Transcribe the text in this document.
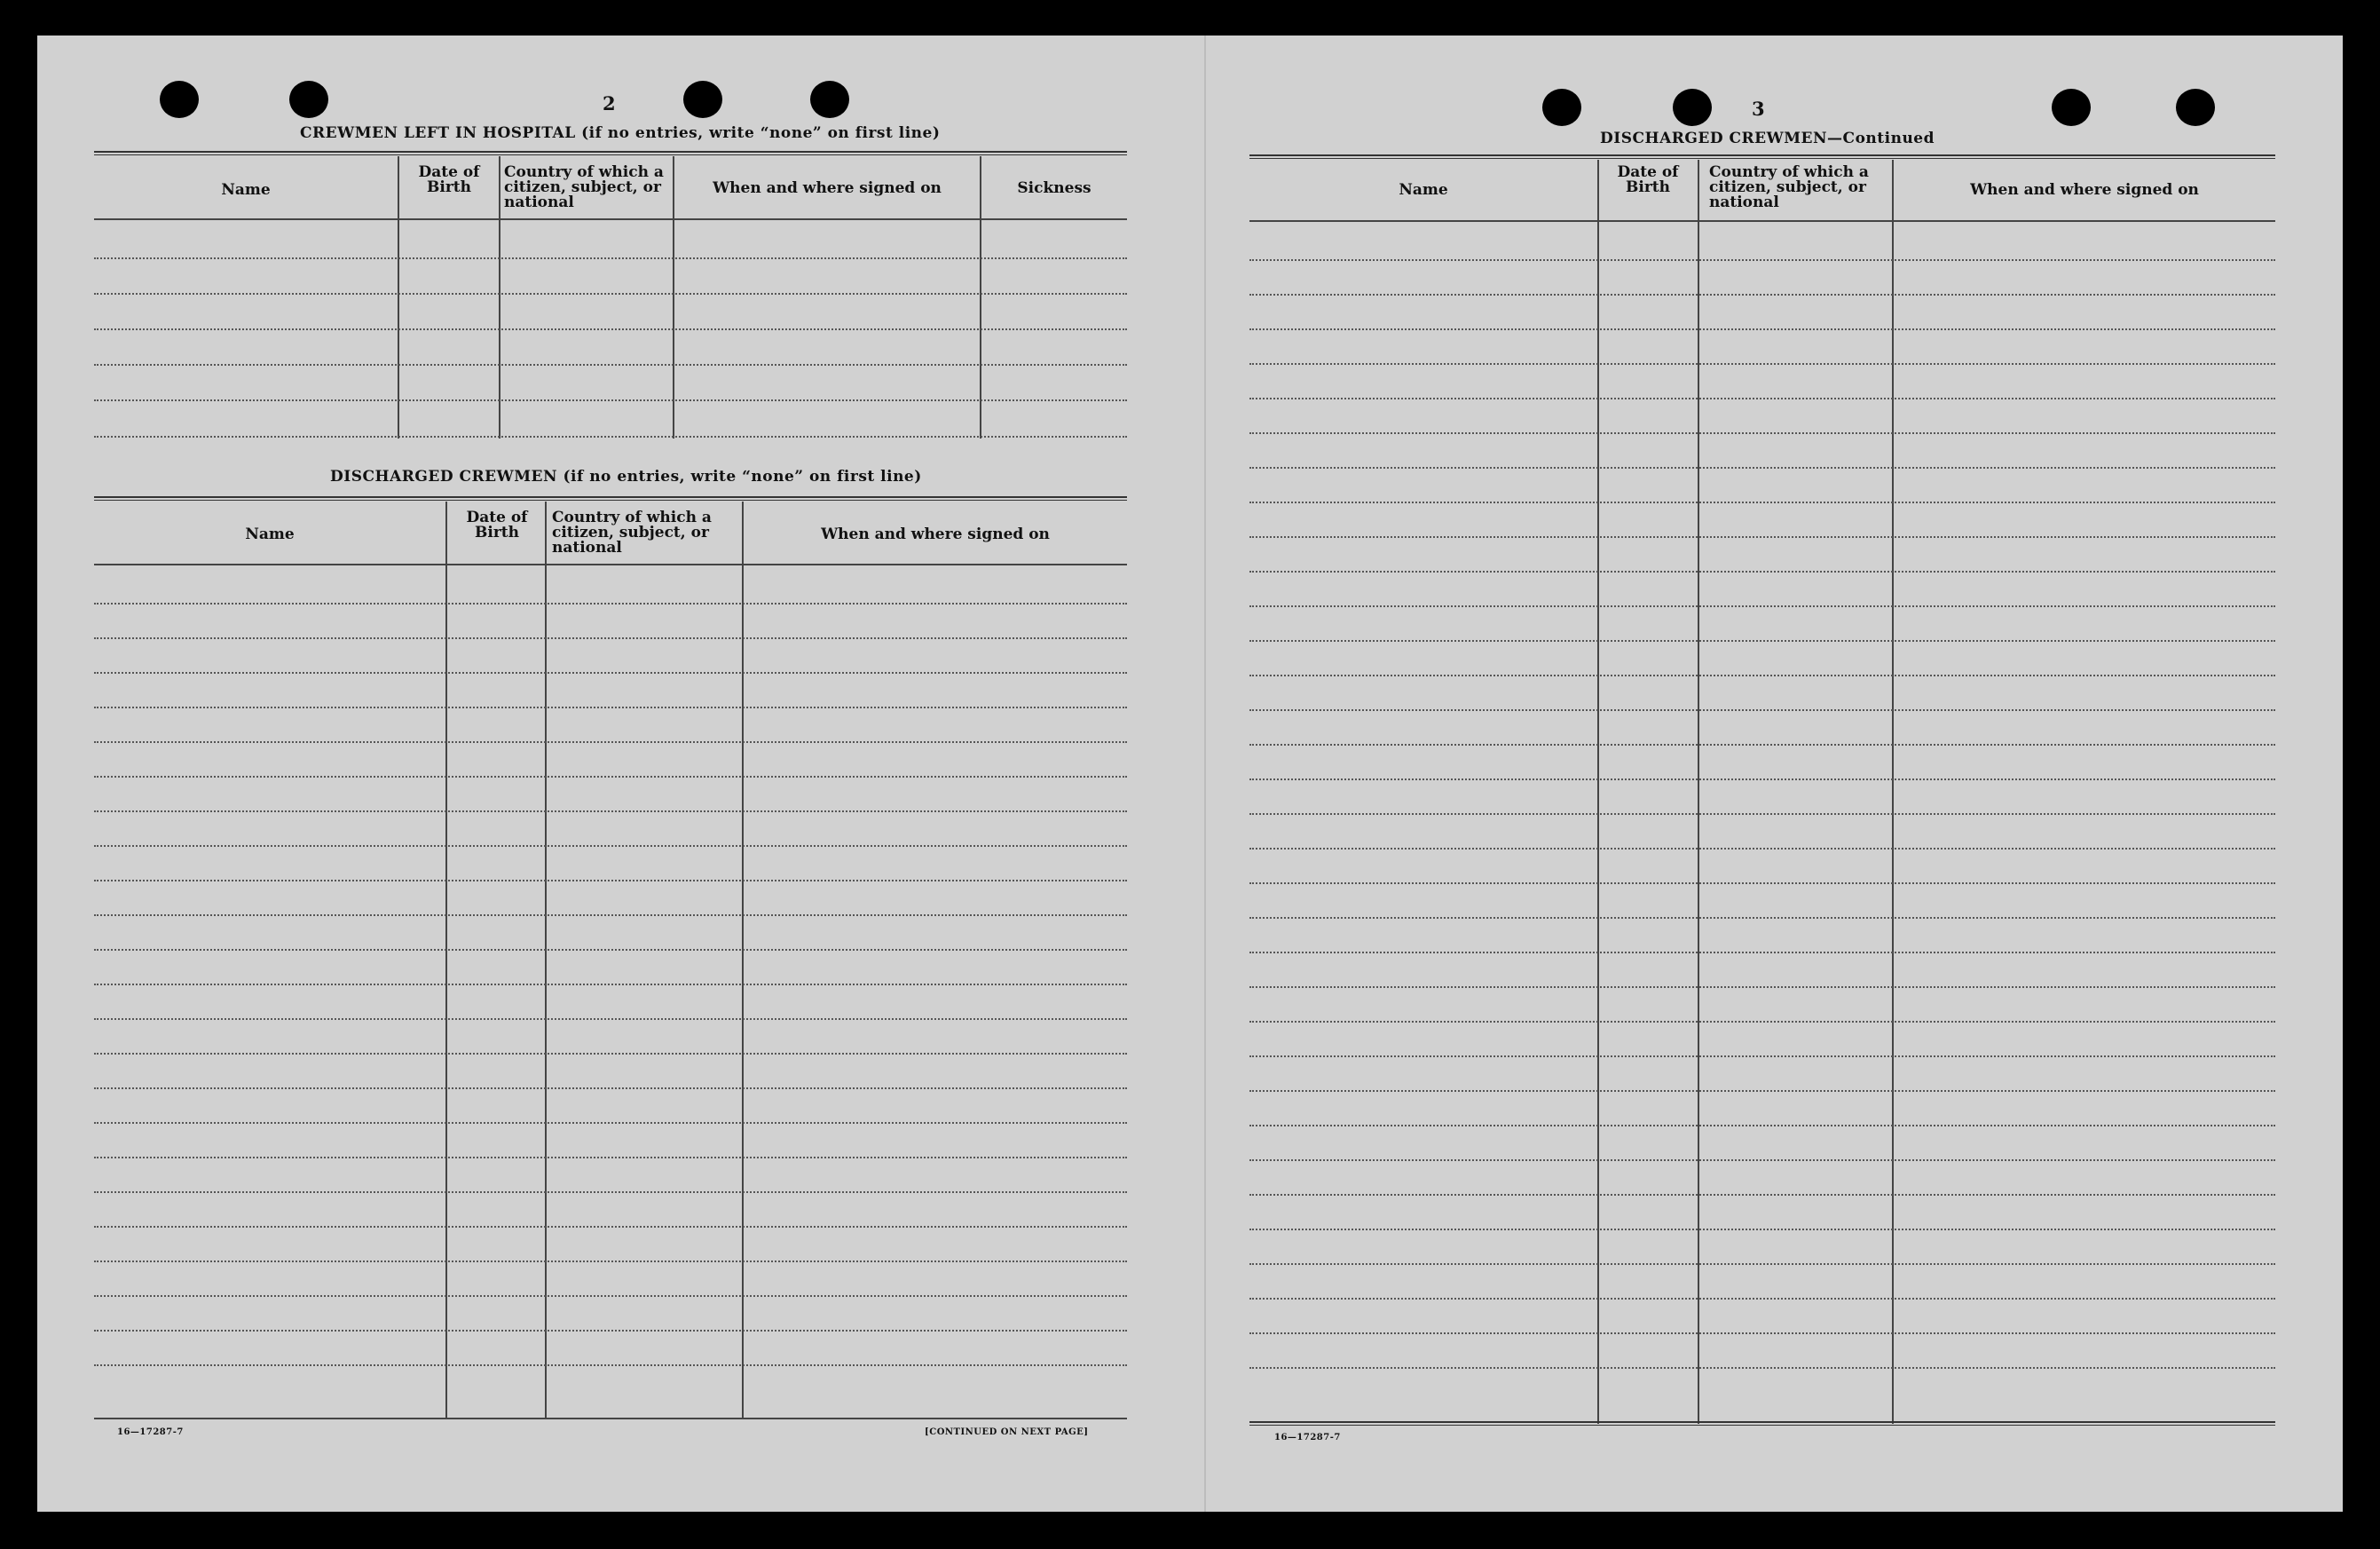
2
CREWMEN LEFT IN HOSPITAL (if no entries, write “none” on first line)
Name
Date of Birth
Country of which a citizen, subject, or national
When and where signed on	Sickness
DISCHARGED CREWMEN (if no entries, write “none” on first line)
Name
Date of Birth
Country of which a citizen, subject, or national
When and where signed on
16—17287-7	[CONTINUED ON NEXT PAGE]
3
DISCHARGED CREWMEN—Continued
Name
Date of Birth
Country of which a citizen, subject, or national
When and where signed on
16—17287-7
